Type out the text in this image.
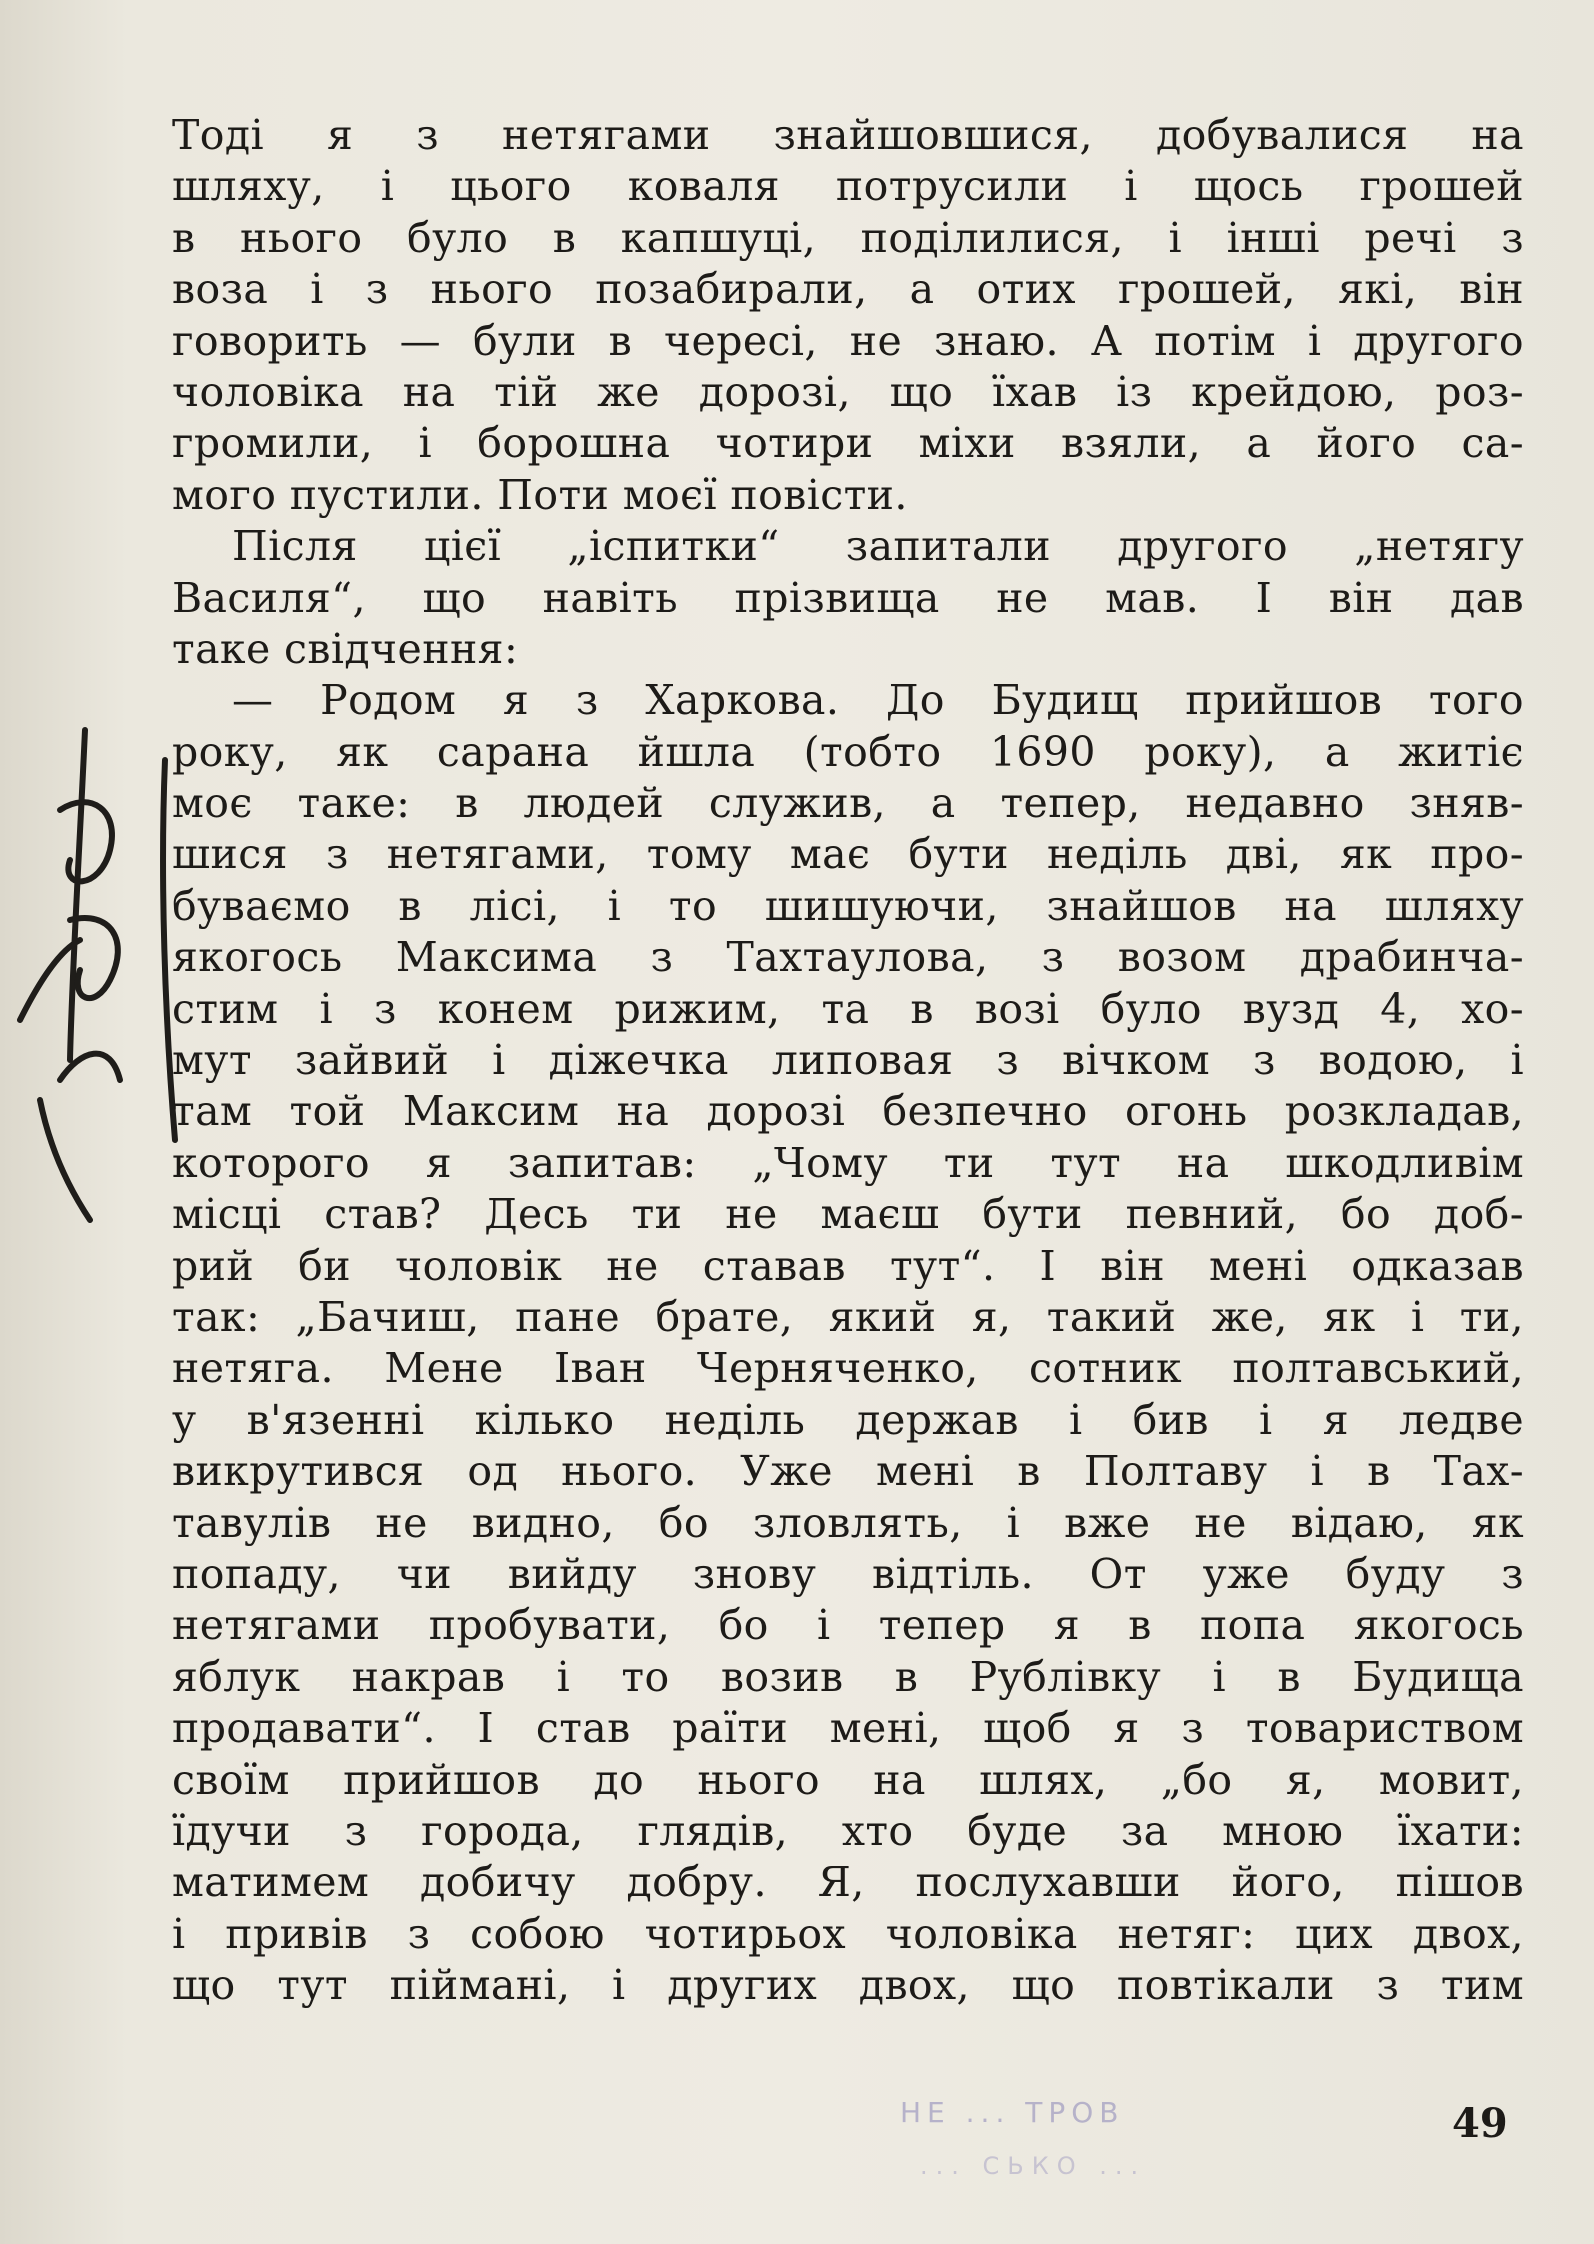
Тоді я з нетягами знайшовшися, добувалися на
шляху, і цього коваля потрусили і щось грошей
в нього було в капшуці, поділилися, і інші речі з
воза і з нього позабирали, а отих грошей, які, він
говорить — були в чересі, не знаю. А потім і другого
чоловіка на тій же дорозі, що їхав із крейдою, роз-
громили, і борошна чотири міхи взяли, а його са-
мого пустили. Поти моєї повісти.
Після цієї „іспитки“ запитали другого „нетягу
Василя“, що навіть прізвища не мав. І він дав
таке свідчення:
— Родом я з Харкова. До Будищ прийшов того
року, як сарана йшла (тобто 1690 року), а житіє
моє таке: в людей служив, а тепер, недавно зняв-
шися з нетягами, тому має бути неділь дві, як про-
буваємо в лісі, і то шишуючи, знайшов на шляху
якогось Максима з Тахтаулова, з возом драбинча-
стим і з конем рижим, та в возі було вузд 4, хо-
мут зайвий і діжечка липовая з вічком з водою, і
там той Максим на дорозі безпечно огонь розкладав,
которого я запитав: „Чому ти тут на шкодливім
місці став? Десь ти не маєш бути певний, бо доб-
рий би чоловік не ставав тут“. І він мені одказав
так: „Бачиш, пане брате, який я, такий же, як і ти,
нетяга. Мене Іван Черняченко, сотник полтавський,
у в'язенні кілько неділь держав і бив і я ледве
викрутився од нього. Уже мені в Полтаву і в Тах-
тавулів не видно, бо зловлять, і вже не відаю, як
попаду, чи вийду знову відтіль. От уже буду з
нетягами пробувати, бо і тепер я в попа якогось
яблук накрав і то возив в Рублівку і в Будища
продавати“. І став раїти мені, щоб я з товариством
своїм прийшов до нього на шлях, „бо я, мовит,
їдучи з города, глядів, хто буде за мною їхати:
матимем добичу добру. Я, послухавши його, пішов
і привів з собою чотирьох чоловіка нетяг: цих двох,
що тут піймані, і других двох, що повтікали з тим
НЕ ... ТРОВ
... СЬКО ...
49
